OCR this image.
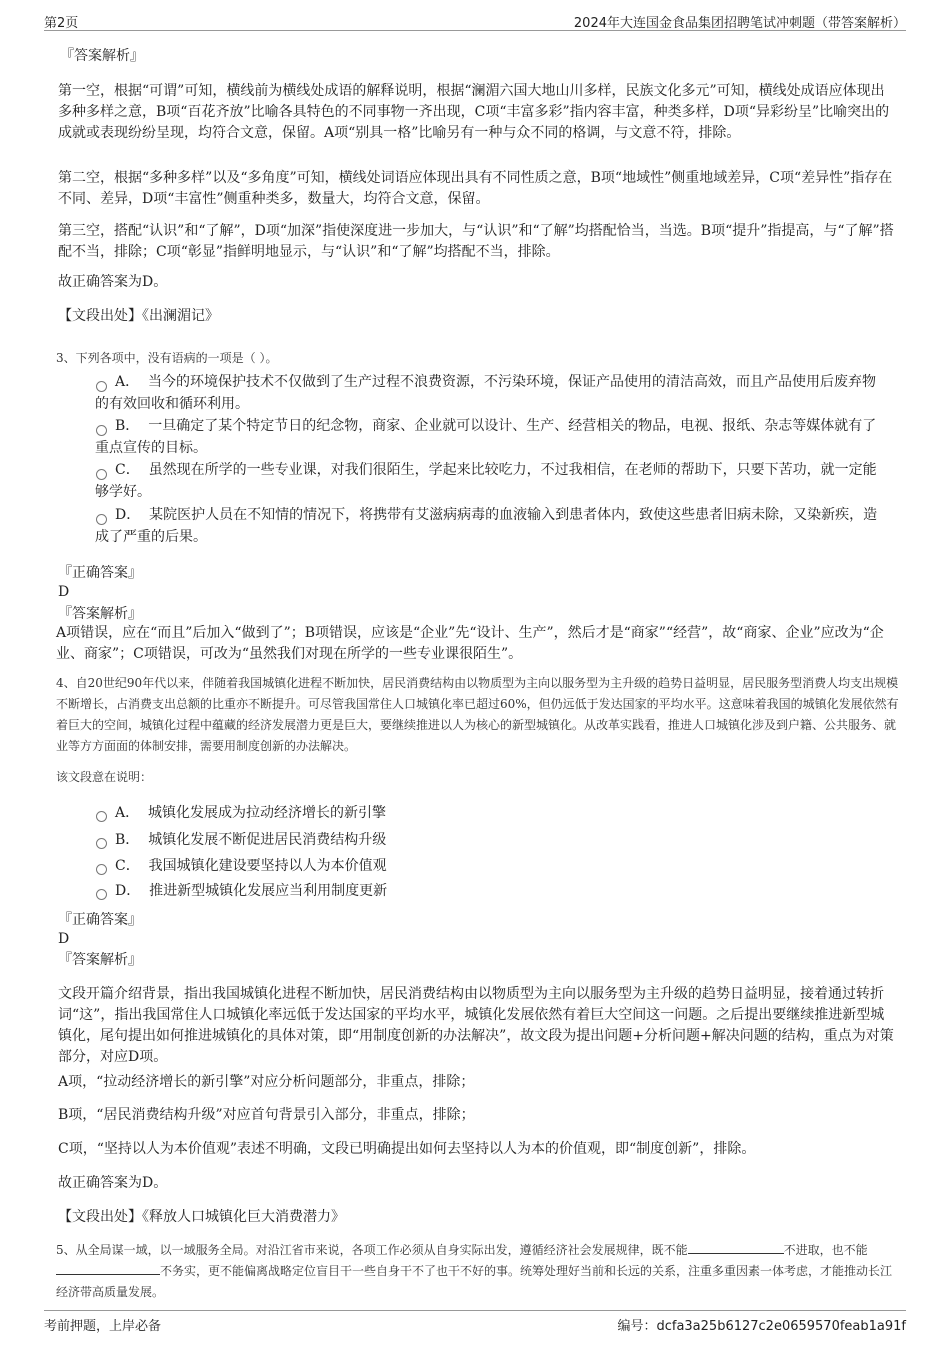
第2页	2024年大连国金食品集团招聘笔试冲刺题（带答案解析）
『答案解析』
第一空，根据“可谓”可知，横线前为横线处成语的解释说明，根据“澜湄六国大地山川多样，民族文化多元”可知，横线处成语应体现出多种多样之意，B项“百花齐放”比喻各具特色的不同事物一齐出现，C项“丰富多彩”指内容丰富，种类多样，D项“异彩纷呈”比喻突出的成就或表现纷纷呈现，均符合文意，保留。A项“别具一格”比喻另有一种与众不同的格调，与文意不符，排除。
第二空，根据“多种多样”以及“多角度”可知，横线处词语应体现出具有不同性质之意，B项“地域性”侧重地域差异，C项“差异性”指存在不同、差异，D项“丰富性”侧重种类多，数量大，均符合文意，保留。
第三空，搭配“认识”和“了解”，D项“加深”指使深度进一步加大，与“认识”和“了解”均搭配恰当，当选。B项“提升”指提高，与“了解”搭配不当，排除；C项“彰显”指鲜明地显示，与“认识”和“了解”均搭配不当，排除。
故正确答案为D。
【文段出处】《出澜湄记》
3、下列各项中，没有语病的一项是（ ）。
A． 当今的环境保护技术不仅做到了生产过程不浪费资源，不污染环境，保证产品使用的清洁高效，而且产品使用后废弃物的有效回收和循环利用。
B． 一旦确定了某个特定节日的纪念物，商家、企业就可以设计、生产、经营相关的物品，电视、报纸、杂志等媒体就有了重点宣传的目标。
C． 虽然现在所学的一些专业课，对我们很陌生，学起来比较吃力，不过我相信，在老师的帮助下，只要下苦功，就一定能够学好。
D． 某院医护人员在不知情的情况下，将携带有艾滋病病毒的血液输入到患者体内，致使这些患者旧病未除，又染新疾，造成了严重的后果。
『正确答案』
D
『答案解析』
A项错误，应在“而且”后加入“做到了”；B项错误，应该是“企业”先“设计、生产”，然后才是“商家”“经营”，故“商家、企业”应改为“企业、商家”；C项错误，可改为“虽然我们对现在所学的一些专业课很陌生”。
4、自20世纪90年代以来，伴随着我国城镇化进程不断加快，居民消费结构由以物质型为主向以服务型为主升级的趋势日益明显，居民服务型消费人均支出规模不断增长，占消费支出总额的比重亦不断提升。可尽管我国常住人口城镇化率已超过60%，但仍远低于发达国家的平均水平。这意味着我国的城镇化发展依然有着巨大的空间，城镇化过程中蕴藏的经济发展潜力更是巨大，要继续推进以人为核心的新型城镇化。从改革实践看，推进人口城镇化涉及到户籍、公共服务、就业等方方面面的体制安排，需要用制度创新的办法解决。
该文段意在说明：
A． 城镇化发展成为拉动经济增长的新引擎
B． 城镇化发展不断促进居民消费结构升级
C． 我国城镇化建设要坚持以人为本价值观
D． 推进新型城镇化发展应当利用制度更新
『正确答案』
D
『答案解析』
文段开篇介绍背景，指出我国城镇化进程不断加快，居民消费结构由以物质型为主向以服务型为主升级的趋势日益明显，接着通过转折词“这”，指出我国常住人口城镇化率远低于发达国家的平均水平，城镇化发展依然有着巨大空间这一问题。之后提出要继续推进新型城镇化，尾句提出如何推进城镇化的具体对策，即“用制度创新的办法解决”，故文段为提出问题+分析问题+解决问题的结构，重点为对策部分，对应D项。
A项，“拉动经济增长的新引擎”对应分析问题部分，非重点，排除；
B项，“居民消费结构升级”对应首句背景引入部分，非重点，排除；
C项，“坚持以人为本价值观”表述不明确，文段已明确提出如何去坚持以人为本的价值观，即“制度创新”，排除。
故正确答案为D。
【文段出处】《释放人口城镇化巨大消费潜力》
5、从全局谋一域，以一域服务全局。对沿江省市来说，各项工作必须从自身实际出发，遵循经济社会发展规律，既不能	不进取，也不能不务实，更不能偏离战略定位盲目干一些自身干不了也干不好的事。统筹处理好当前和长远的关系，注重多重因素一体考虑，才能推动长江经济带高质量发展。
考前押题，上岸必备	编号：dcfa3a25b6127c2e0659570feab1a91f
